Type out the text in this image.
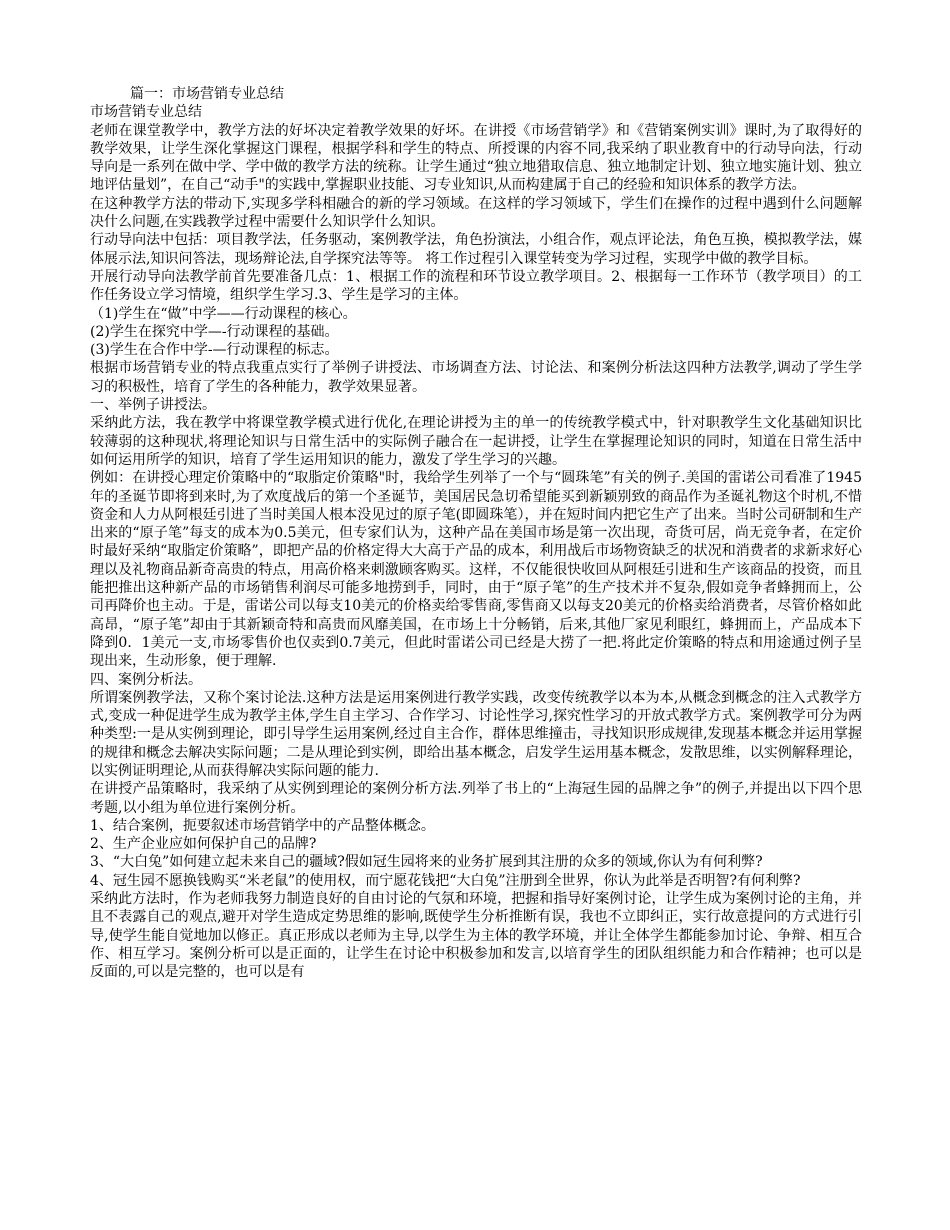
篇一：市场营销专业总结

市场营销专业总结

老师在课堂教学中，教学方法的好坏决定着教学效果的好坏。在讲授《市场营销学》和《营销案例实训》课时,为了取得好的教学效果，让学生深化掌握这门课程，根据学科和学生的特点、所授课的内容不同,我采纳了职业教育中的行动导向法，行动导向是一系列在做中学、学中做的教学方法的统称。让学生通过“独立地猎取信息、独立地制定计划、独立地实施计划、独立地评估量划”，在自己“动手"的实践中,掌握职业技能、习专业知识,从而构建属于自己的经验和知识体系的教学方法。

在这种教学方法的带动下,实现多学科相融合的新的学习领域。在这样的学习领域下，学生们在操作的过程中遇到什么问题解决什么问题,在实践教学过程中需要什么知识学什么知识。

行动导向法中包括：项目教学法，任务驱动，案例教学法，角色扮演法，小组合作，观点评论法，角色互换，模拟教学法，媒体展示法,知识问答法，现场辩论法,自学探究法等等。 将工作过程引入课堂转变为学习过程，实现学中做的教学目标。

开展行动导向法教学前首先要准备几点：1、根据工作的流程和环节设立教学项目。2、根据每一工作环节（教学项目）的工作任务设立学习情境，组织学生学习.3、学生是学习的主体。

（1)学生在“做”中学——行动课程的核心。

(2)学生在探究中学—-行动课程的基础。

(3)学生在合作中学-—行动课程的标志。

根据市场营销专业的特点我重点实行了举例子讲授法、市场调查方法、讨论法、和案例分析法这四种方法教学,调动了学生学习的积极性，培育了学生的各种能力，教学效果显著。

一、举例子讲授法。

采纳此方法，我在教学中将课堂教学模式进行优化,在理论讲授为主的单一的传统教学模式中，针对职教学生文化基础知识比较薄弱的这种现状,将理论知识与日常生活中的实际例子融合在一起讲授，让学生在掌握理论知识的同时，知道在日常生活中如何运用所学的知识，培育了学生运用知识的能力，激发了学生学习的兴趣。

例如：在讲授心理定价策略中的“取脂定价策略"时，我给学生列举了一个与“圆珠笔”有关的例子.美国的雷诺公司看准了1945年的圣诞节即将到来时,为了欢度战后的第一个圣诞节，美国居民急切希望能买到新颖别致的商品作为圣诞礼物这个时机,不惜资金和人力从阿根廷引进了当时美国人根本没见过的原子笔(即圆珠笔），并在短时间内把它生产了出来。当时公司研制和生产出来的“原子笔”每支的成本为0.5美元，但专家们认为，这种产品在美国市场是第一次出现，奇货可居，尚无竞争者，在定价时最好采纳“取脂定价策略”，即把产品的价格定得大大高于产品的成本，利用战后市场物资缺乏的状况和消费者的求新求好心理以及礼物商品新奇高贵的特点，用高价格来刺激顾客购买。这样，不仅能很快收回从阿根廷引进和生产该商品的投资，而且能把推出这种新产品的市场销售利润尽可能多地捞到手，同时，由于“原子笔”的生产技术并不复杂,假如竞争者蜂拥而上，公司再降价也主动。于是，雷诺公司以每支10美元的价格卖给零售商,零售商又以每支20美元的价格卖给消费者，尽管价格如此高昂，“原子笔”却由于其新颖奇特和高贵而风靡美国，在市场上十分畅销，后来,其他厂家见利眼红，蜂拥而上，产品成本下降到0．1美元一支,市场零售价也仅卖到0.7美元，但此时雷诺公司已经是大捞了一把.将此定价策略的特点和用途通过例子呈现出来，生动形象，便于理解.

四、案例分析法。

所谓案例教学法，又称个案讨论法.这种方法是运用案例进行教学实践，改变传统教学以本为本,从概念到概念的注入式教学方式,变成一种促进学生成为教学主体,学生自主学习、合作学习、讨论性学习,探究性学习的开放式教学方式。案例教学可分为两种类型:一是从实例到理论，即引导学生运用案例,经过自主合作，群体思维撞击，寻找知识形成规律,发现基本概念并运用掌握的规律和概念去解决实际问题；二是从理论到实例，即给出基本概念，启发学生运用基本概念，发散思维，以实例解释理论，以实例证明理论,从而获得解决实际问题的能力.

在讲授产品策略时，我采纳了从实例到理论的案例分析方法.列举了书上的“上海冠生园的品牌之争”的例子,并提出以下四个思考题,以小组为单位进行案例分析。

1、结合案例，扼要叙述市场营销学中的产品整体概念。

2、生产企业应如何保护自己的品牌?

3、“大白兔”如何建立起未来自己的疆域?假如冠生园将来的业务扩展到其注册的众多的领域,你认为有何利弊?

4、冠生园不愿换钱购买“米老鼠”的使用权，而宁愿花钱把“大白兔”注册到全世界，你认为此举是否明智?有何利弊?

采纳此方法时，作为老师我努力制造良好的自由讨论的气氛和环境，把握和指导好案例讨论，让学生成为案例讨论的主角，并且不表露自己的观点,避开对学生造成定势思维的影响,既使学生分析推断有误，我也不立即纠正，实行故意提问的方式进行引导,使学生能自觉地加以修正。真正形成以老师为主导,以学生为主体的教学环境，并让全体学生都能参加讨论、争辩、相互合作、相互学习。案例分析可以是正面的，让学生在讨论中积极参加和发言,以培育学生的团队组织能力和合作精神；也可以是反面的,可以是完整的，也可以是有
